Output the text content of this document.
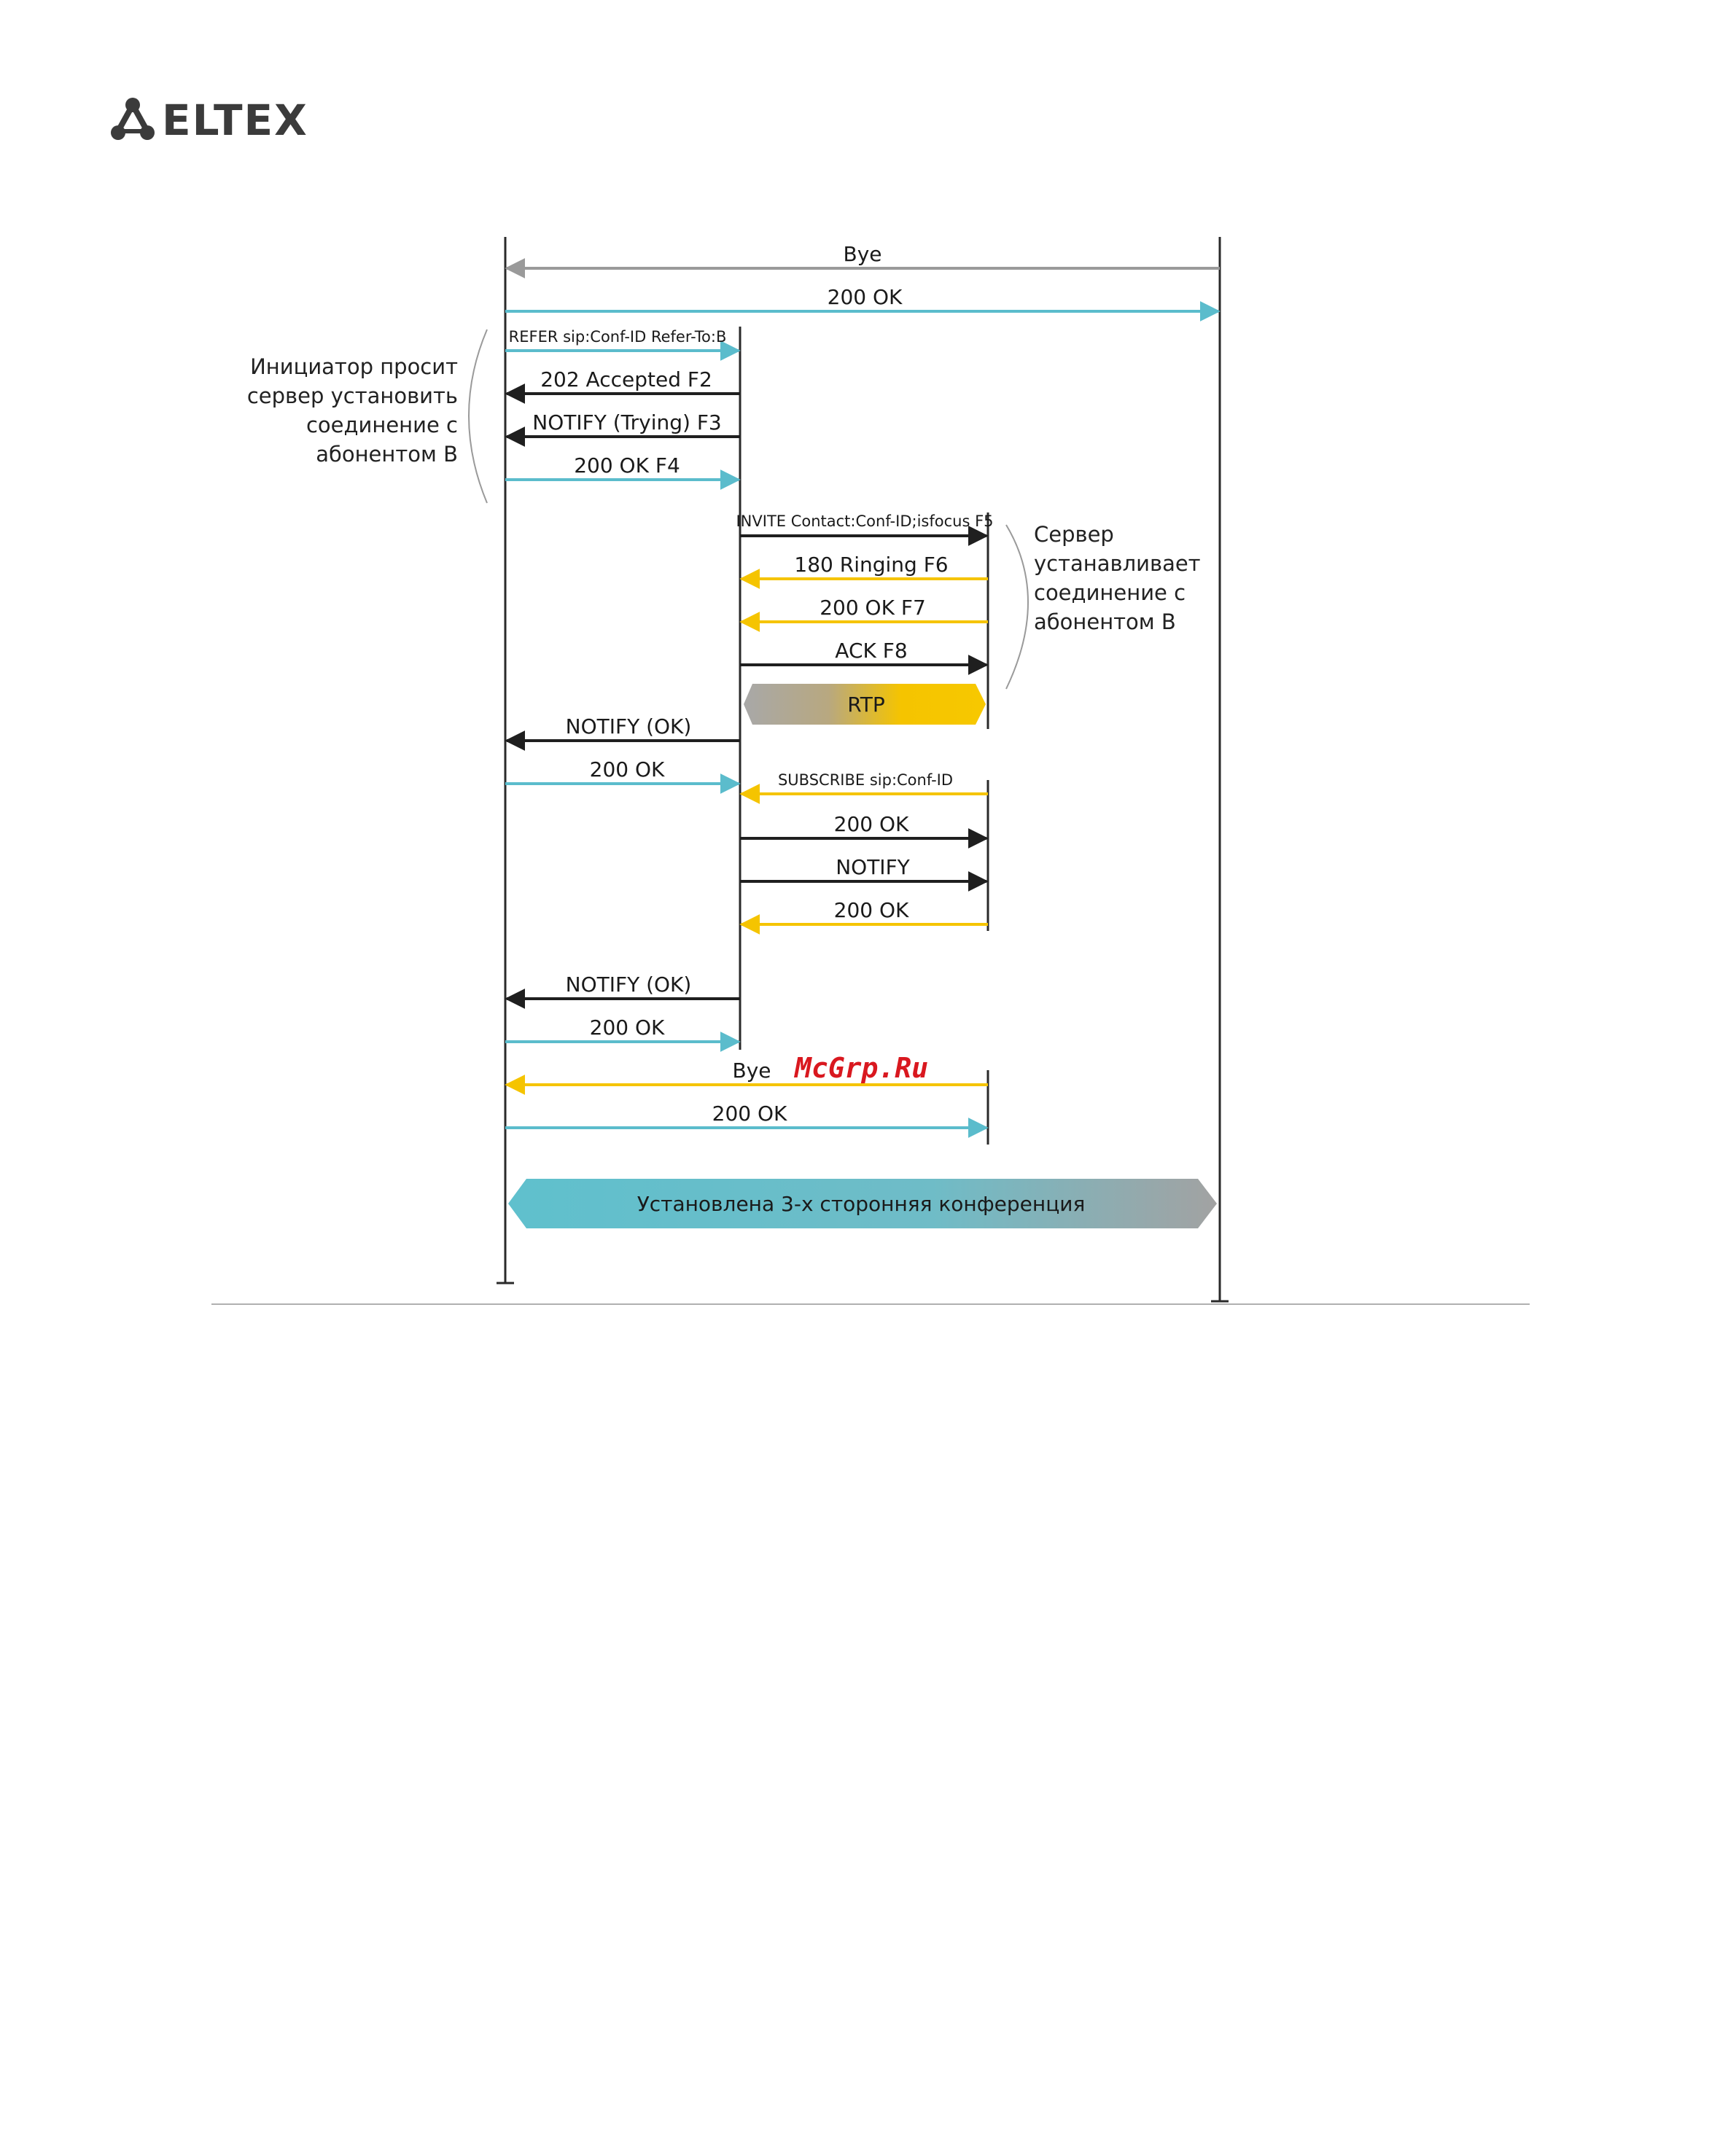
ELTEX
Bye
200 OK
REFER sip:Conf-ID Refer-To:B
202 Accepted F2
NOTIFY (Trying) F3
200 OK F4
INVITE Contact:Conf-ID;isfocus F5
180 Ringing F6
200 OK F7
ACK F8
RTP
NOTIFY (OK)
200 OK	SUBSCRIBE sip:Conf-ID
200 OK
NOTIFY
200 OK
NOTIFY (OK)
200 OK
Bye
200 OK
Установлена 3-х сторонняя конференция
Инициатор просит
сервер установить
соединение с
абонентом B
Сервер
устанавливает
соединение с
абонентом B
McGrp.Ru
